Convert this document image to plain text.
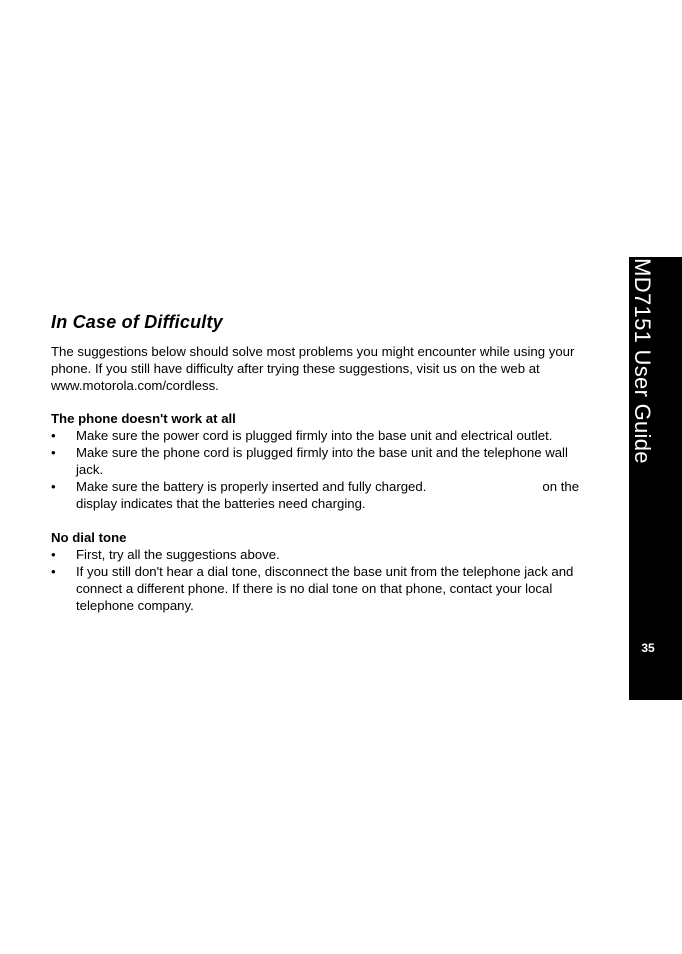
In Case of Difficulty

The suggestions below should solve most problems you might encounter while using your phone. If you still have difficulty after trying these suggestions, visit us on the web at www.motorola.com/cordless.

The phone doesn't work at all
•	Make sure the power cord is plugged firmly into the base unit and electrical outlet.
•	Make sure the phone cord is plugged firmly into the base unit and the telephone wall jack.
•	Make sure the battery is properly inserted and fully charged.	on the display indicates that the batteries need charging.
No dial tone
•	First, try all the suggestions above.
•	If you still don't hear a dial tone, disconnect the base unit from the telephone jack and connect a different phone. If there is no dial tone on that phone, contact your local telephone company.
MD7151 User Guide
35
